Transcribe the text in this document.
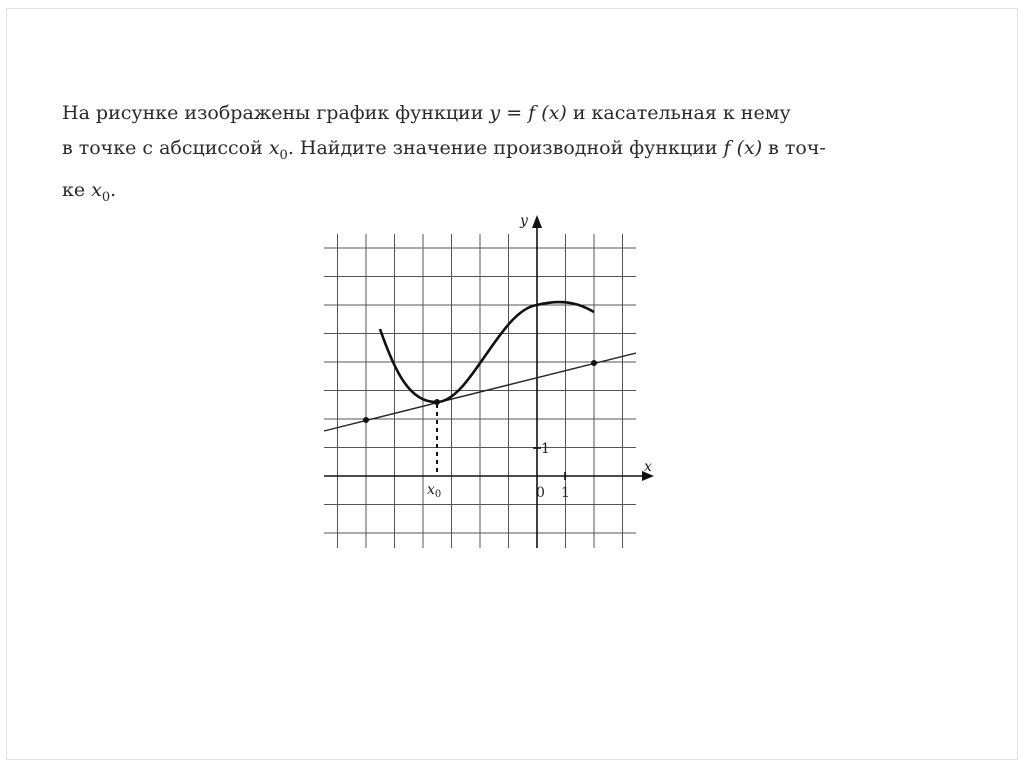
На рисунке изображены график функции y = f (x) и касательная к нему

в точке с абсциссой $x_0$. Найдите значение производной функции f (x) в точ-

ке $x_0$.

x
y
0 1
1
$x_0$
